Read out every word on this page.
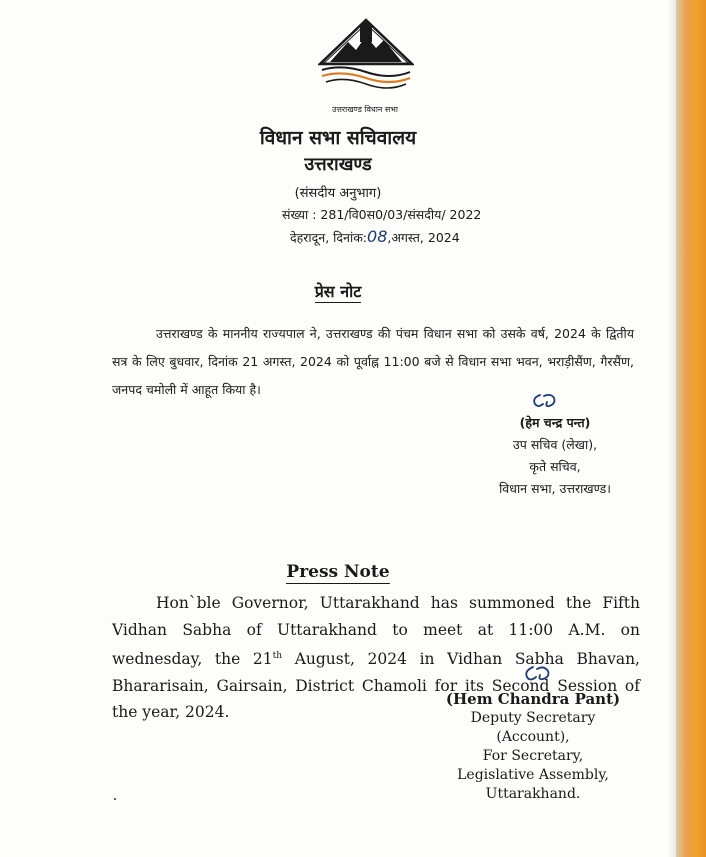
उत्तराखण्ड विधान सभा
विधान सभा सचिवालय
उत्तराखण्ड
(संसदीय अनुभाग)
संख्या : 281/वि0स0/03/संसदीय/ 2022
देहरादून, दिनांक:08,अगस्त, 2024
प्रेस नोट

उत्तराखण्ड के माननीय राज्यपाल ने, उत्तराखण्ड की पंचम विधान सभा को उसके वर्ष, 2024 के द्वितीय सत्र के लिए बुधवार, दिनांक 21 अगस्त, 2024 को पूर्वाह्न 11:00 बजे से विधान सभा भवन, भराड़ीसैंण, गैरसैंण, जनपद चमोली में आहूत किया है।

(हेम चन्द्र पन्त)
उप सचिव (लेखा),
कृते सचिव,
विधान सभा, उत्तराखण्ड।
Press Note

Hon`ble Governor, Uttarakhand has summoned the Fifth Vidhan Sabha of Uttarakhand to meet at 11:00 A.M. on wednesday, the 21th August, 2024 in Vidhan Sabha Bhavan, Bhararisain, Gairsain, District Chamoli for its Second Session of the year, 2024.

(Hem Chandra Pant)
Deputy Secretary (Account),
For Secretary,
Legislative Assembly,
Uttarakhand.
